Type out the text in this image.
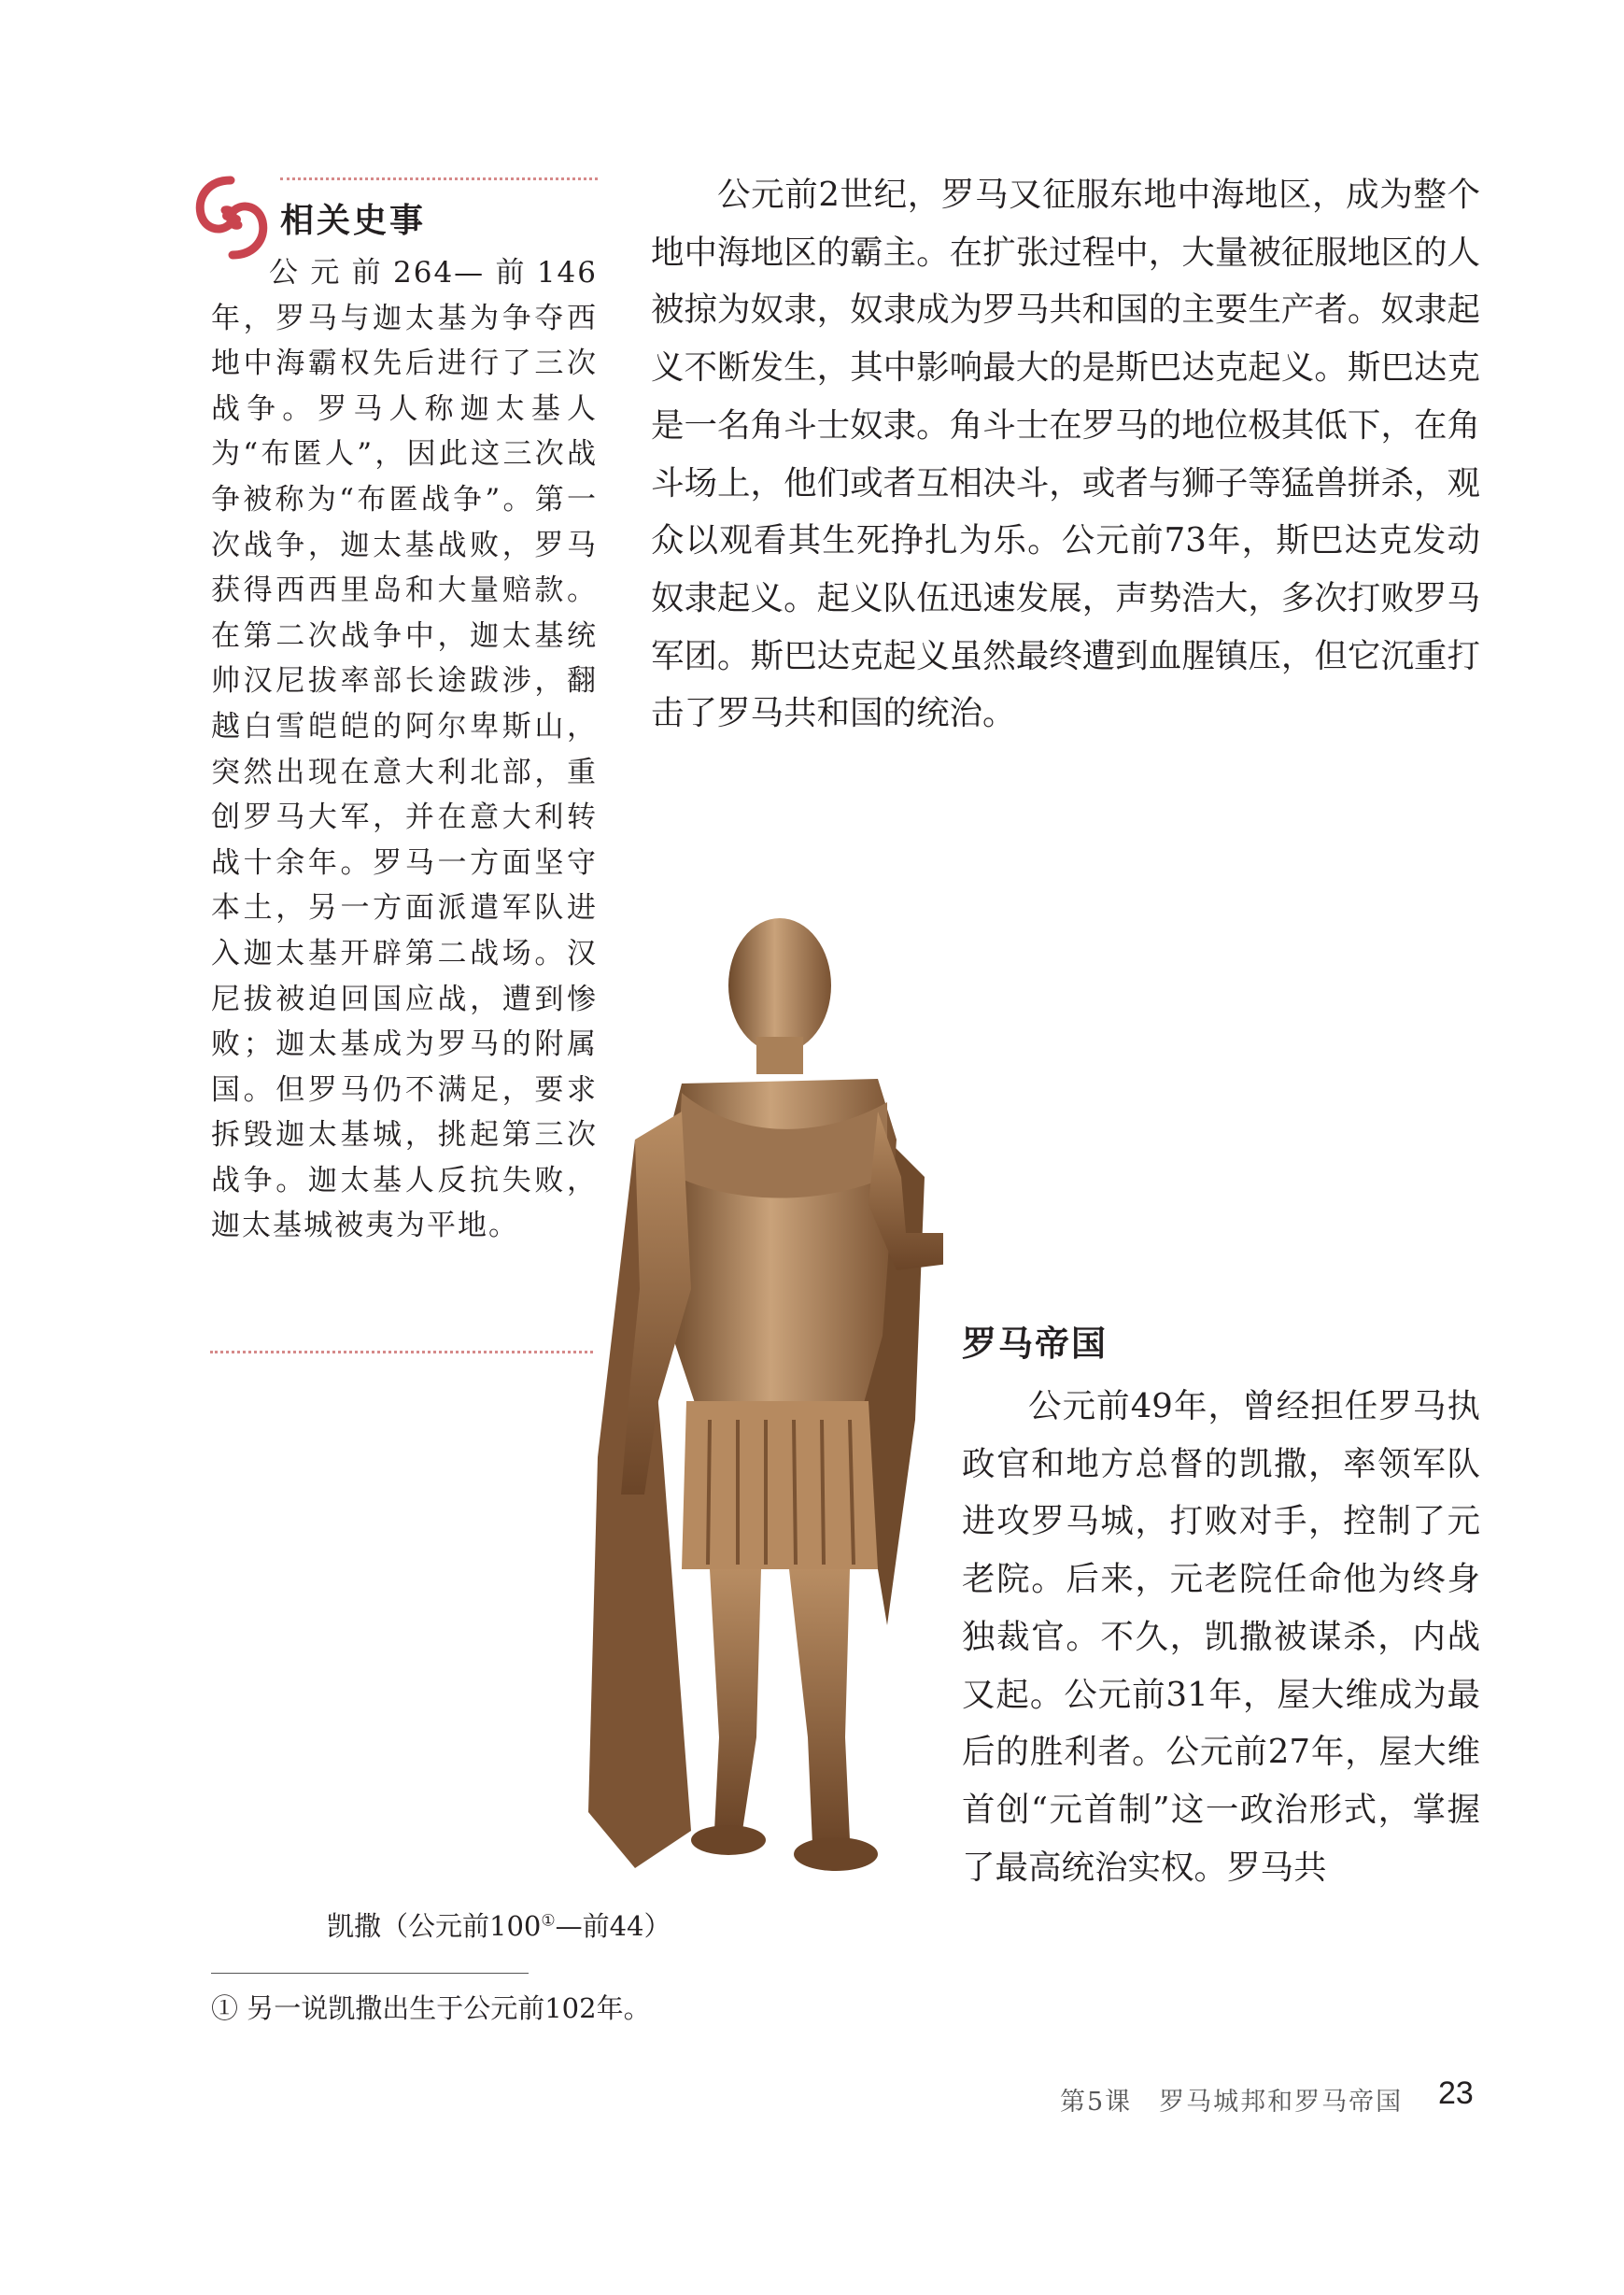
相关史事
公元前264—前146年，罗马与迦太基为争夺西地中海霸权先后进行了三次战争。罗马人称迦太基人为“布匿人”，因此这三次战争被称为“布匿战争”。第一次战争，迦太基战败，罗马获得西西里岛和大量赔款。在第二次战争中，迦太基统帅汉尼拔率部长途跋涉，翻越白雪皑皑的阿尔卑斯山，突然出现在意大利北部，重创罗马大军，并在意大利转战十余年。罗马一方面坚守本土，另一方面派遣军队进入迦太基开辟第二战场。汉尼拔被迫回国应战，遭到惨败；迦太基成为罗马的附属国。但罗马仍不满足，要求拆毁迦太基城，挑起第三次战争。迦太基人反抗失败，迦太基城被夷为平地。
公元前2世纪，罗马又征服东地中海地区，成为整个地中海地区的霸主。在扩张过程中，大量被征服地区的人被掠为奴隶，奴隶成为罗马共和国的主要生产者。奴隶起义不断发生，其中影响最大的是斯巴达克起义。斯巴达克是一名角斗士奴隶。角斗士在罗马的地位极其低下，在角斗场上，他们或者互相决斗，或者与狮子等猛兽拼杀，观众以观看其生死挣扎为乐。公元前73年，斯巴达克发动奴隶起义。起义队伍迅速发展，声势浩大，多次打败罗马军团。斯巴达克起义虽然最终遭到血腥镇压，但它沉重打击了罗马共和国的统治。
凯撒（公元前100①—前44）
罗马帝国
公元前49年，曾经担任罗马执政官和地方总督的凯撒，率领军队进攻罗马城，打败对手，控制了元老院。后来，元老院任命他为终身独裁官。不久，凯撒被谋杀，内战又起。公元前31年，屋大维成为最后的胜利者。公元前27年，屋大维首创“元首制”这一政治形式，掌握了最高统治实权。罗马共
① 另一说凯撒出生于公元前102年。
第5课　罗马城邦和罗马帝国 23
